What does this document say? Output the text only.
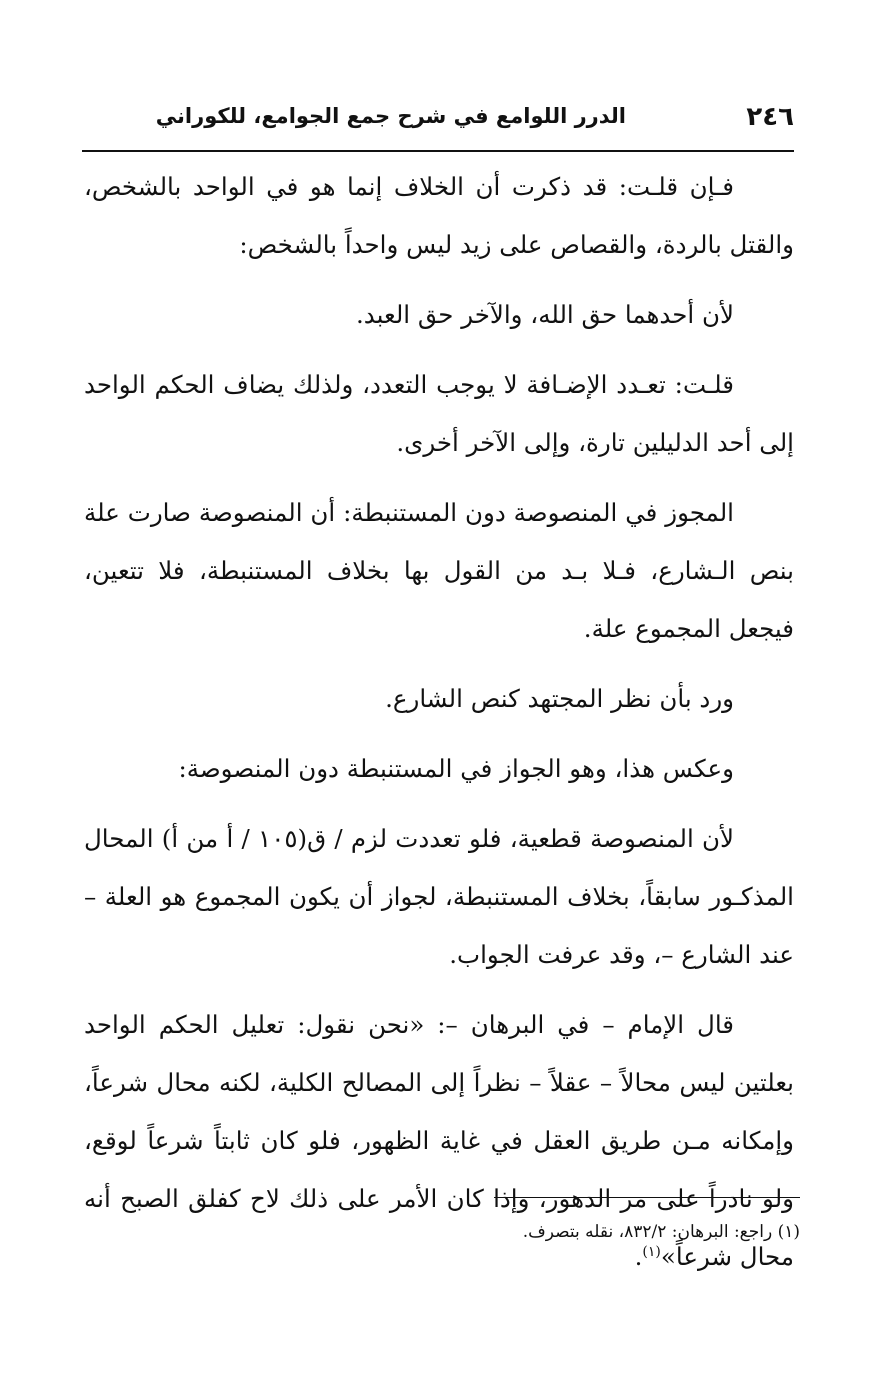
٢٤٦
الدرر اللوامع في شرح جمع الجوامع، للكوراني

فـإن قلـت: قد ذكرت أن الخلاف إنما هو في الواحد بالشخص، والقتل بالردة، والقصاص على زيد ليس واحداً بالشخص:

لأن أحدهما حق الله، والآخر حق العبد.

قلـت: تعـدد الإضـافة لا يوجب التعدد، ولذلك يضاف الحكم الواحد إلى أحد الدليلين تارة، وإلى الآخر أخرى.

المجوز في المنصوصة دون المستنبطة: أن المنصوصة صارت علة بنص الـشارع، فـلا بـد من القول بها بخلاف المستنبطة، فلا تتعين، فيجعل المجموع علة.

ورد بأن نظر المجتهد كنص الشارع.

وعكس هذا، وهو الجواز في المستنبطة دون المنصوصة:

لأن المنصوصة قطعية، فلو تعددت لزم / ق(١٠٥ / أ من أ) المحال المذكـور سابقاً، بخلاف المستنبطة، لجواز أن يكون المجموع هو العلة – عند الشارع –، وقد عرفت الجواب.

قال الإمام – في البرهان –: «نحن نقول: تعليل الحكم الواحد بعلتين ليس محالاً – عقلاً – نظراً إلى المصالح الكلية، لكنه محال شرعاً، وإمكانه مـن طريق العقل في غاية الظهور، فلو كان ثابتاً شرعاً لوقع، ولو نادراً على مر الدهور، وإذا كان الأمر على ذلك لاح كفلق الصبح أنه محال شرعاً»$^{(١)}$.

(١) راجع: البرهان: ٨٣٢/٢، نقله بتصرف.
